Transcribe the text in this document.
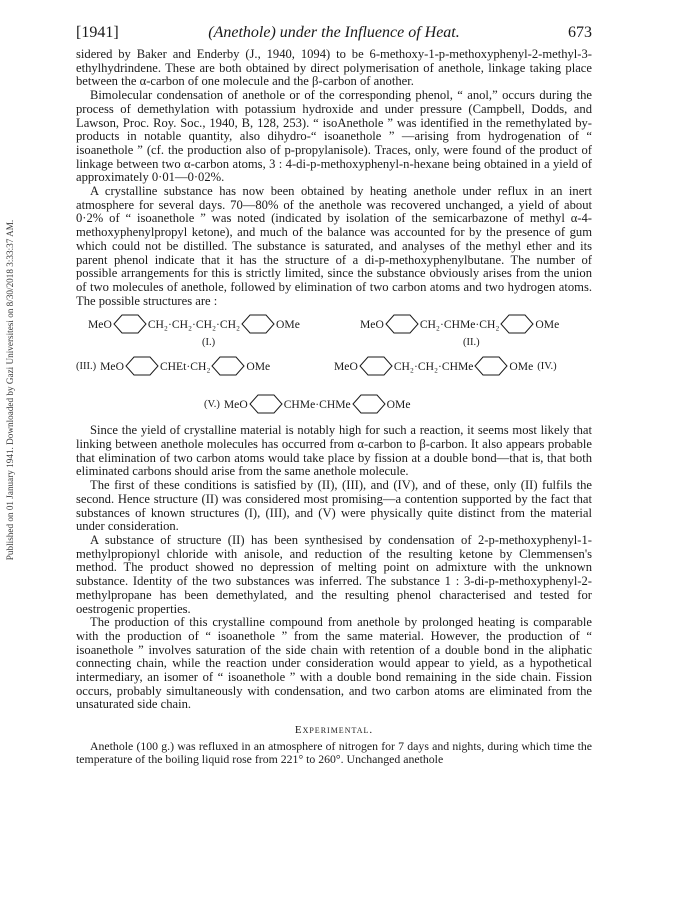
Published on 01 January 1941. Downloaded by Gazi Universitesi on 8/30/2018 3:33:37 AM.
[1941]	(Anethole) under the Influence of Heat.	673

sidered by Baker and Enderby (J., 1940, 1094) to be 6-methoxy-1-p-methoxyphenyl-2-methyl-3-ethylhydrindene. These are both obtained by direct polymerisation of anethole, linkage taking place between the α-carbon of one molecule and the β-carbon of another.

Bimolecular condensation of anethole or of the corresponding phenol, “ anol,” occurs during the process of demethylation with potassium hydroxide and under pressure (Campbell, Dodds, and Lawson, Proc. Roy. Soc., 1940, B, 128, 253). “ isoAnethole ” was identified in the remethylated by-products in notable quantity, also dihydro-“ isoanethole ” —arising from hydrogenation of “ isoanethole ” (cf. the production also of p-propylanisole). Traces, only, were found of the product of linkage between two α-carbon atoms, 3 : 4-di-p-methoxyphenyl-n-hexane being obtained in a yield of approximately 0·01—0·02%.

A crystalline substance has now been obtained by heating anethole under reflux in an inert atmosphere for several days. 70—80% of the anethole was recovered unchanged, a yield of about 0·2% of “ isoanethole ” was noted (indicated by isolation of the semicarbazone of methyl α-4-methoxyphenylpropyl ketone), and much of the balance was accounted for by the presence of gum which could not be distilled. The substance is saturated, and analyses of the methyl ether and its parent phenol indicate that it has the structure of a di-p-methoxyphenylbutane. The number of possible arrangements for this is strictly limited, since the substance obviously arises from the union of two molecules of anethole, followed by elimination of two carbon atoms and two hydrogen atoms. The possible structures are :

MeO	CH₂·CH₂·CH₂·CH₂	OMe
(I.)
MeO	CH₂·CHMe·CH₂	OMe
(II.)
(III.) MeO	CHEt·CH₂	OMe	MeO	CH₂·CH₂·CHMe	OMe (IV.)
(V.) MeO	CHMe·CHMe	OMe

Since the yield of crystalline material is notably high for such a reaction, it seems most likely that linking between anethole molecules has occurred from α-carbon to β-carbon. It also appears probable that elimination of two carbon atoms would take place by fission at a double bond—that is, that both eliminated carbons should arise from the same anethole molecule.

The first of these conditions is satisfied by (II), (III), and (IV), and of these, only (II) fulfils the second. Hence structure (II) was considered most promising—a contention supported by the fact that substances of known structures (I), (III), and (V) were physically quite distinct from the material under consideration.

A substance of structure (II) has been synthesised by condensation of 2-p-methoxyphenyl-1-methylpropionyl chloride with anisole, and reduction of the resulting ketone by Clemmensen's method. The product showed no depression of melting point on admixture with the unknown substance. Identity of the two substances was inferred. The substance 1 : 3-di-p-methoxyphenyl-2-methylpropane has been demethylated, and the resulting phenol characterised and tested for oestrogenic properties.

The production of this crystalline compound from anethole by prolonged heating is comparable with the production of “ isoanethole ” from the same material. However, the production of “ isoanethole ” involves saturation of the side chain with retention of a double bond in the aliphatic connecting chain, while the reaction under consideration would appear to yield, as a hypothetical intermediary, an isomer of “ isoanethole ” with a double bond remaining in the side chain. Fission occurs, probably simultaneously with condensation, and two carbon atoms are eliminated from the unsaturated side chain.

Experimental.

Anethole (100 g.) was refluxed in an atmosphere of nitrogen for 7 days and nights, during which time the temperature of the boiling liquid rose from 221° to 260°. Unchanged anethole
